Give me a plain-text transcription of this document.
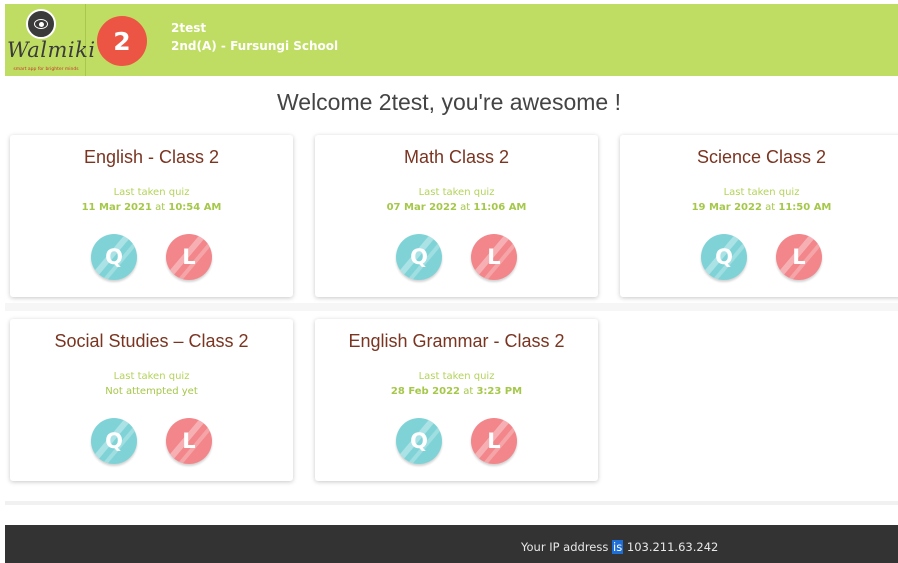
Walmiki
smart app for brighter minds
2	2test
2nd(A) - Fursungi School
Welcome 2test, you're awesome !
English - Class 2
Last taken quiz
11 Mar 2021 at 10:54 AM
Q	L
Math Class 2
Last taken quiz
07 Mar 2022 at 11:06 AM
Q	L
Science Class 2
Last taken quiz
19 Mar 2022 at 11:50 AM
Q	L
Social Studies – Class 2
Last taken quiz
Not attempted yet
Q	L
English Grammar - Class 2
Last taken quiz
28 Feb 2022 at 3:23 PM
Q	L
Your IP address is 103.211.63.242
